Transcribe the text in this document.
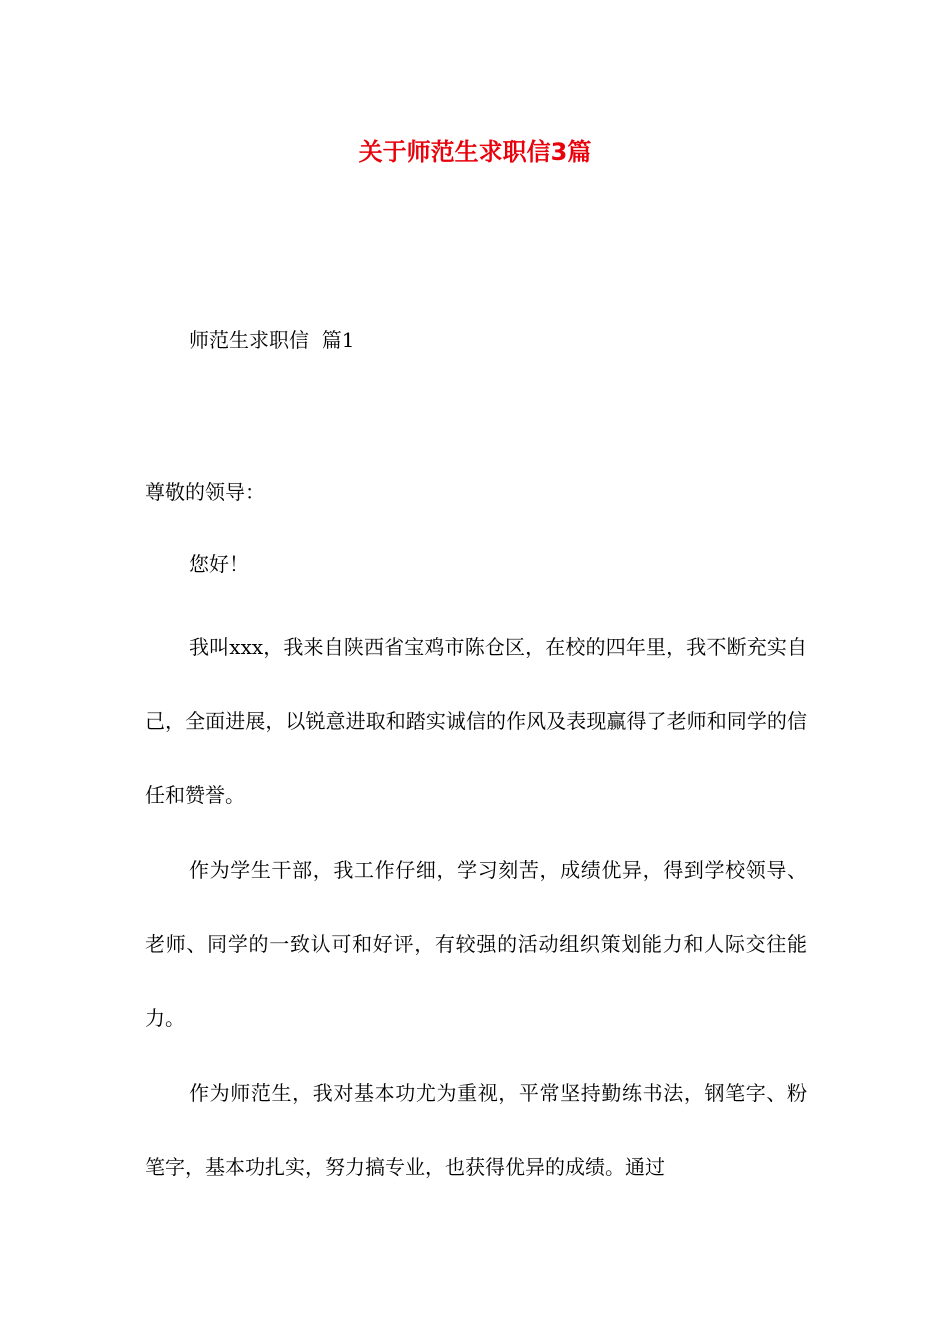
关于师范生求职信3篇
师范生求职信  篇1
尊敬的领导：
您好！

我叫xxx，我来自陕西省宝鸡市陈仓区，在校的四年里，我不断充实自己，全面进展，以锐意进取和踏实诚信的作风及表现赢得了老师和同学的信任和赞誉。

作为学生干部，我工作仔细，学习刻苦，成绩优异，得到学校领导、老师、同学的一致认可和好评，有较强的活动组织策划能力和人际交往能力。

作为师范生，我对基本功尤为重视，平常坚持勤练书法，钢笔字、粉笔字，基本功扎实，努力搞专业，也获得优异的成绩。通过
